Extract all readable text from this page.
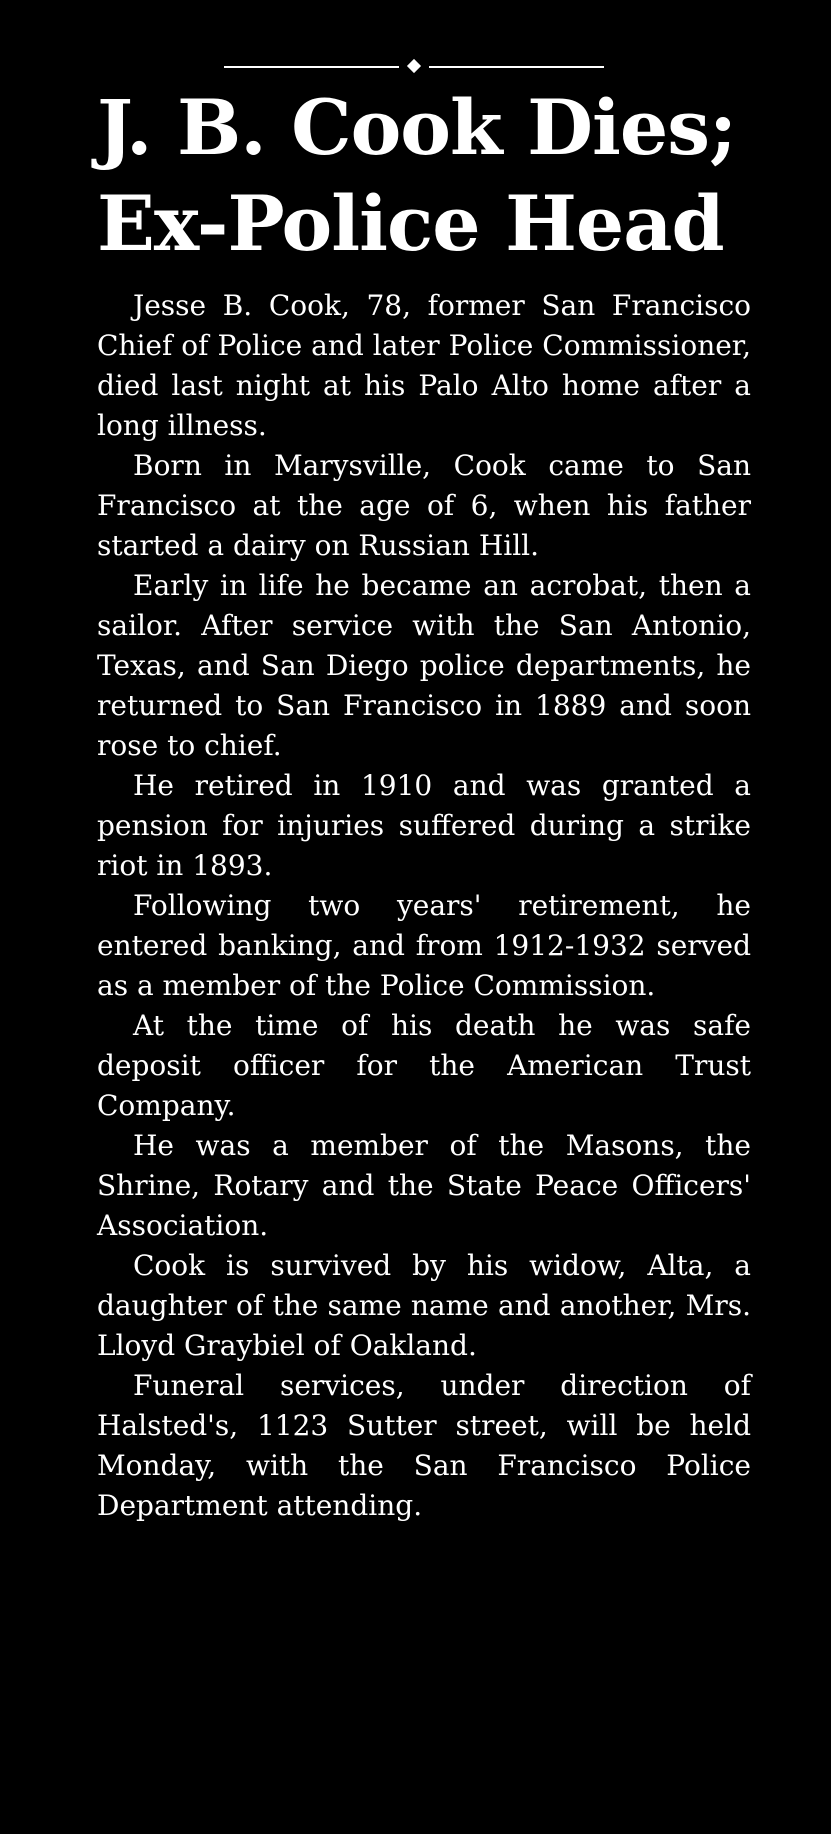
J. B. Cook Dies;
Ex-Police Head

Jesse B. Cook, 78, former San Francisco Chief of Police and later Police Commissioner, died last night at his Palo Alto home after a long illness.

Born in Marysville, Cook came to San Francisco at the age of 6, when his father started a dairy on Russian Hill.

Early in life he became an acrobat, then a sailor. After service with the San Antonio, Texas, and San Diego police departments, he returned to San Francisco in 1889 and soon rose to chief.

He retired in 1910 and was granted a pension for injuries suffered during a strike riot in 1893.

Following two years' retirement, he entered banking, and from 1912-1932 served as a member of the Police Commission.

At the time of his death he was safe deposit officer for the American Trust Company.

He was a member of the Masons, the Shrine, Rotary and the State Peace Officers' Association.

Cook is survived by his widow, Alta, a daughter of the same name and another, Mrs. Lloyd Graybiel of Oakland.

Funeral services, under direction of Halsted's, 1123 Sutter street, will be held Monday, with the San Francisco Police Department attending.
